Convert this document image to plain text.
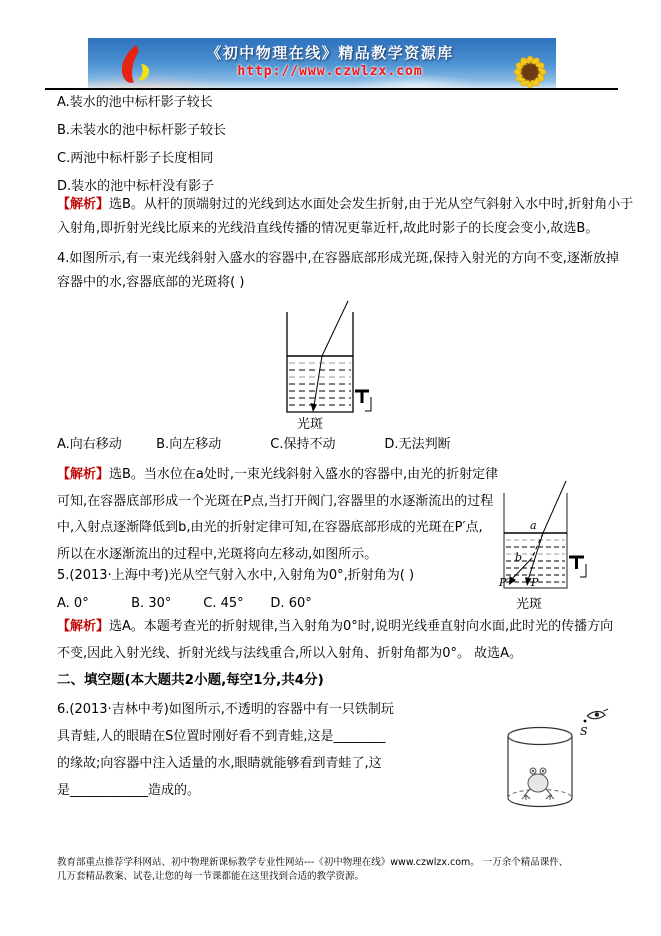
《初中物理在线》精品教学资源库
http://www.czwlzx.com
A.装水的池中标杆影子较长
B.未装水的池中标杆影子较长
C.两池中标杆影子长度相同
D.装水的池中标杆没有影子
【解析】选B。从杆的顶端射过的光线到达水面处会发生折射,由于光从空气斜射入水中时,折射角小于
入射角,即折射光线比原来的光线沿直线传播的情况更靠近杆,故此时影子的长度会变小,故选B。
4.如图所示,有一束光线斜射入盛水的容器中,在容器底部形成光斑,保持入射光的方向不变,逐渐放掉
容器中的水,容器底部的光斑将( )
光斑
A.向右移动	B.向左移动	C.保持不动	D.无法判断
【解析】选B。当水位在a处时,一束光线斜射入盛水的容器中,由光的折射定律
可知,在容器底部形成一个光斑在P点,当打开阀门,容器里的水逐渐流出的过程
中,入射点逐渐降低到b,由光的折射定律可知,在容器底部形成的光斑在P′点,
所以在水逐渐流出的过程中,光斑将向左移动,如图所示。
a
b
P′ P
光斑
5.(2013·上海中考)光从空气射入水中,入射角为0°,折射角为( )
A. 0°	B. 30° C. 45° D. 60°
【解析】选A。本题考查光的折射规律,当入射角为0°时,说明光线垂直射向水面,此时光的传播方向
不变,因此入射光线、折射光线与法线重合,所以入射角、折射角都为0°。 故选A。
二、填空题(本大题共2小题,每空1分,共4分)
6.(2013·吉林中考)如图所示,不透明的容器中有一只铁制玩
具青蛙,人的眼睛在S位置时刚好看不到青蛙,这是________
的缘故;向容器中注入适量的水,眼睛就能够看到青蛙了,这
是____________造成的。
S
教育部重点推荐学科网站、初中物理新课标教学专业性网站---《初中物理在线》www.czwlzx.com。 一万余个精品课件、
几万套精品教案、试卷,让您的每一节课都能在这里找到合适的教学资源。
